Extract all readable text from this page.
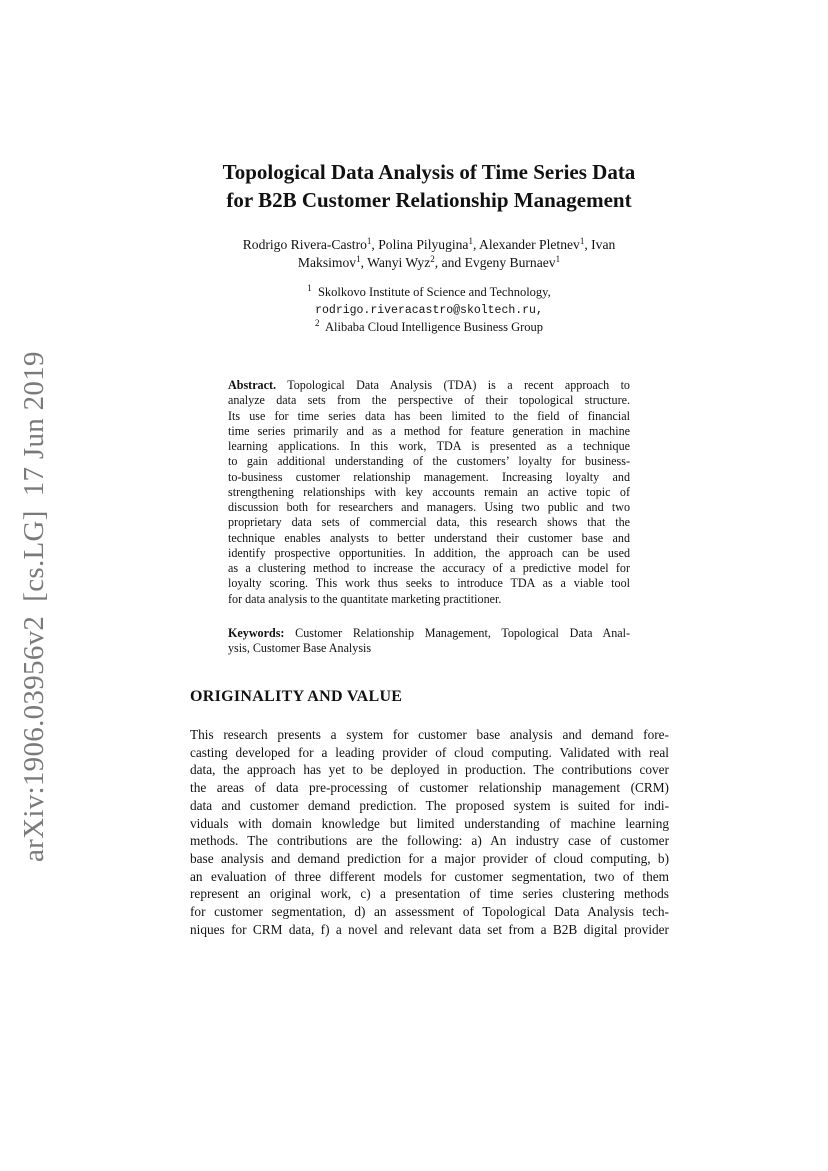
arXiv:1906.03956v2[cs.LG]17 Jun 2019
Topological Data Analysis of Time Series Data
for B2B Customer Relationship Management
Rodrigo Rivera-Castro$^1$, Polina Pilyugina$^1$, Alexander Pletnev$^1$, Ivan
Maksimov$^1$, Wanyi Wyz$^2$, and Evgeny Burnaev$^1$
$^1$ Skolkovo Institute of Science and Technology,
rodrigo.riveracastro@skoltech.ru,
$^2$ Alibaba Cloud Intelligence Business Group
Abstract. Topological Data Analysis (TDA) is a recent approach to
analyze data sets from the perspective of their topological structure.
Its use for time series data has been limited to the field of financial
time series primarily and as a method for feature generation in machine
learning applications. In this work, TDA is presented as a technique
to gain additional understanding of the customers’ loyalty for business-
to-business customer relationship management. Increasing loyalty and
strengthening relationships with key accounts remain an active topic of
discussion both for researchers and managers. Using two public and two
proprietary data sets of commercial data, this research shows that the
technique enables analysts to better understand their customer base and
identify prospective opportunities. In addition, the approach can be used
as a clustering method to increase the accuracy of a predictive model for
loyalty scoring. This work thus seeks to introduce TDA as a viable tool
for data analysis to the quantitate marketing practitioner.
Keywords: Customer Relationship Management, Topological Data Anal-
ysis, Customer Base Analysis
ORIGINALITY AND VALUE
This research presents a system for customer base analysis and demand fore-
casting developed for a leading provider of cloud computing. Validated with real
data, the approach has yet to be deployed in production. The contributions cover
the areas of data pre-processing of customer relationship management (CRM)
data and customer demand prediction. The proposed system is suited for indi-
viduals with domain knowledge but limited understanding of machine learning
methods. The contributions are the following: a) An industry case of customer
base analysis and demand prediction for a major provider of cloud computing, b)
an evaluation of three different models for customer segmentation, two of them
represent an original work, c) a presentation of time series clustering methods
for customer segmentation, d) an assessment of Topological Data Analysis tech-
niques for CRM data, f) a novel and relevant data set from a B2B digital provider
